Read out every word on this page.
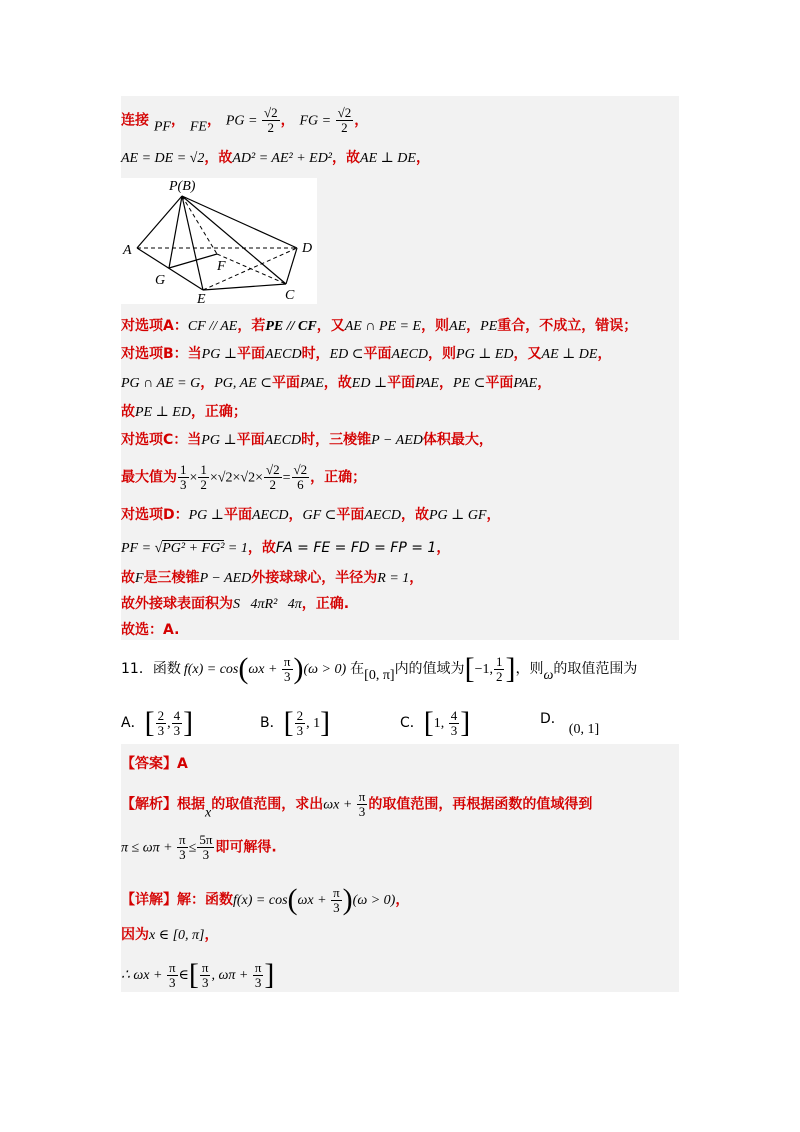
连接 PF， FE， PG = $\frac{√2}{2}$ ， FG = $\frac{√2}{2}$ ，
AE = DE = √2，故AD² = AE² + ED²，故AE ⊥ DE，
P(B)
A	D
G
F
E	C
对选项A：CF // AE，若PE // CF，又AE ∩ PE = E，则AE，PE重合，不成立，错误；
对选项B：当PG ⊥平面AECD时，ED ⊂平面AECD，则PG ⊥ ED，又AE ⊥ DE，
PG ∩ AE = G，PG, AE ⊂平面PAE，故ED ⊥平面PAE，PE ⊂平面PAE，
故PE ⊥ ED，正确；
对选项C：当PG ⊥平面AECD时，三棱锥P − AED体积最大，
最大值为 $\frac{1}{3} \times \frac{1}{2} \times√2\times√2\times \frac{√2}{2} = \frac{√2}{6}$ ，正确；
对选项D：PG ⊥平面AECD，GF ⊂平面AECD，故PG ⊥ GF，
PF = √PG² + FG² = 1，故FA = FE = FD = FP = 1，
故F是三棱锥P − AED外接球球心，半径为R = 1，
故外接球表面积为S   4πR²   4π，正确.
故选：A.
11．函数 $f(x) = \cos(\omega x + \frac{\pi}{3} )(\omega > 0)$ 在[0, π]内的值域为[−1, $\frac{1}{2}$ ]，则ω的取值范围为
A．[ $\frac{2}{3}$ , $\frac{4}{3}$ ]	B．[ $\frac{2}{3}$ , 1]	C．[1, $\frac{4}{3}$ ]	D．(0, 1]
【答案】A
【解析】根据x的取值范围，求出$\omega x + \frac{\pi}{3}$ 的取值范围，再根据函数的值域得到
$\pi \le \omega\pi + \frac{\pi}{3} \le \frac{5\pi}{3}$ 即可解得.
【详解】解：函数$f(x) = \cos(\omega x + \frac{\pi}{3} )(\omega > 0)$，
因为x ∈ [0, π]，
∴ $\omega x + \frac{\pi}{3}$ ∈[ $\frac{\pi}{3}$ , $\omega\pi + \frac{\pi}{3}$ ]
